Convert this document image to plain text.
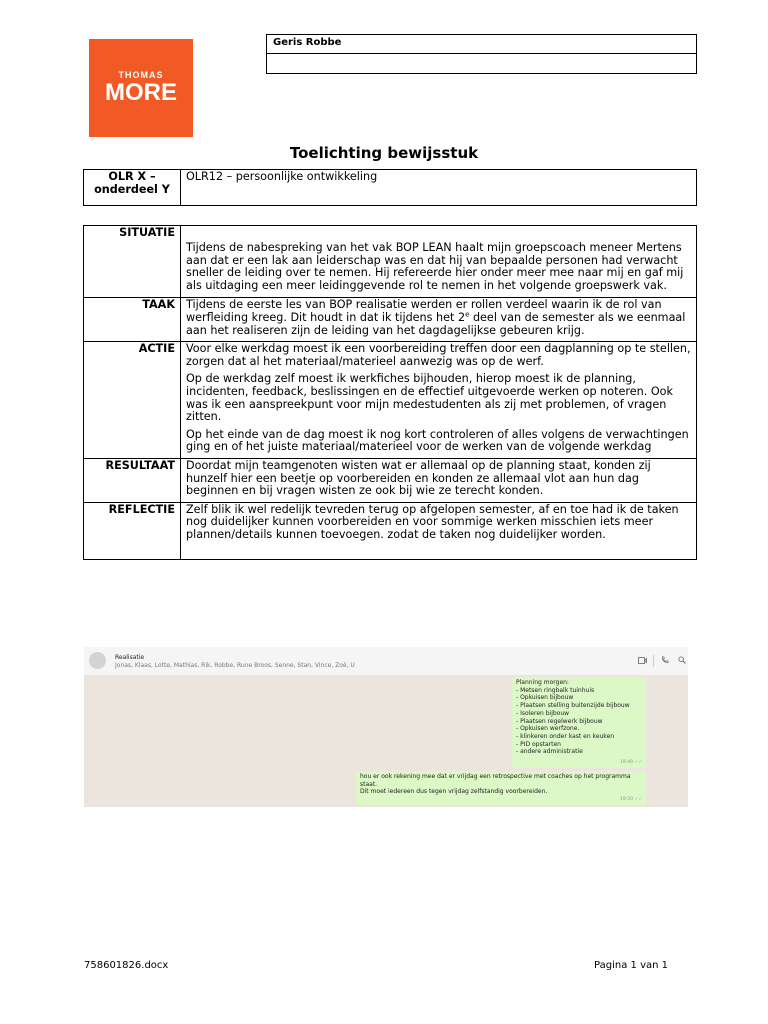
THOMAS
MORE
Geris Robbe
Toelichting bewijsstuk
OLR X – onderdeel Y	OLR12 – persoonlijke ontwikkeling
SITUATIE	Tijdens de nabespreking van het vak BOP LEAN haalt mijn groepscoach meneer Mertens aan dat er een lak aan leiderschap was en dat hij van bepaalde personen had verwacht sneller de leiding over te nemen. Hij refereerde hier onder meer mee naar mij en gaf mij als uitdaging een meer leidinggevende rol te nemen in het volgende groepswerk vak.

TAAK	Tijdens de eerste les van BOP realisatie werden er rollen verdeel waarin ik de rol van werfleiding kreeg. Dit houdt in dat ik tijdens het 2e deel van de semester als we eenmaal aan het realiseren zijn de leiding van het dagdagelijkse gebeuren krijg.

ACTIE	Voor elke werkdag moest ik een voorbereiding treffen door een dagplanning op te stellen, zorgen dat al het materiaal/materieel aanwezig was op de werf.

Op de werkdag zelf moest ik werkfiches bijhouden, hierop moest ik de planning, incidenten, feedback, beslissingen en de effectief uitgevoerde werken op noteren. Ook was ik een aanspreekpunt voor mijn medestudenten als zij met problemen, of vragen zitten.

Op het einde van de dag moest ik nog kort controleren of alles volgens de verwachtingen ging en of het juiste materiaal/materieel voor de werken van de volgende werkdag

RESULTAAT	Doordat mijn teamgenoten wisten wat er allemaal op de planning staat, konden zij hunzelf hier een beetje op voorbereiden en konden ze allemaal vlot aan hun dag beginnen en bij vragen wisten ze ook bij wie ze terecht konden.

REFLECTIE	Zelf blik ik wel redelijk tevreden terug op afgelopen semester, af en toe had ik de taken nog duidelijker kunnen voorbereiden en voor sommige werken misschien iets meer plannen/details kunnen toevoegen. zodat de taken nog duidelijker worden.

Realisatie
Jonas, Klaas, Lotte, Mathias, Rik, Robbe, Rune Broos, Senne, Stan, Vince, Zoë, U
Planning morgen:
- Metsen ringbalk tuinhuis
- Opkuisen bijbouw
- Plaatsen stelling buitenzijde bijbouw
- Isoleren bijbouw
- Plaatsen regelwerk bijbouw
- Opkuisen werfzone.
- klinkeren onder kast en keuken
- PID opstarten
- andere administratie
19:49 ✓✓
hou er ook rekening mee dat er vrijdag een retrospective met coaches op het programma
staat.
Dit moet iedereen dus tegen vrijdag zelfstandig voorbereiden.
19:50 ✓✓
758601826.docx	Pagina 1 van 1
